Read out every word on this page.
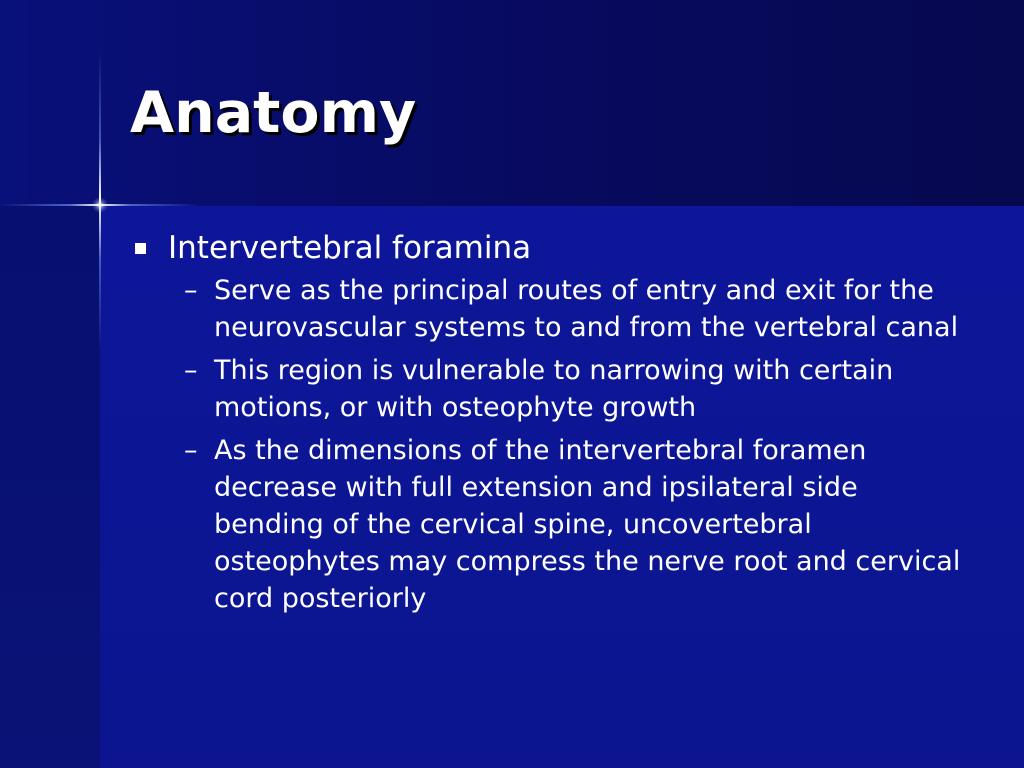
Anatomy
Intervertebral foramina
– Serve as the principal routes of entry and exit for the neurovascular systems to and from the vertebral canal
– This region is vulnerable to narrowing with certain motions, or with osteophyte growth
– As the dimensions of the intervertebral foramen decrease with full extension and ipsilateral side bending of the cervical spine, uncovertebral osteophytes may compress the nerve root and cervical cord posteriorly
